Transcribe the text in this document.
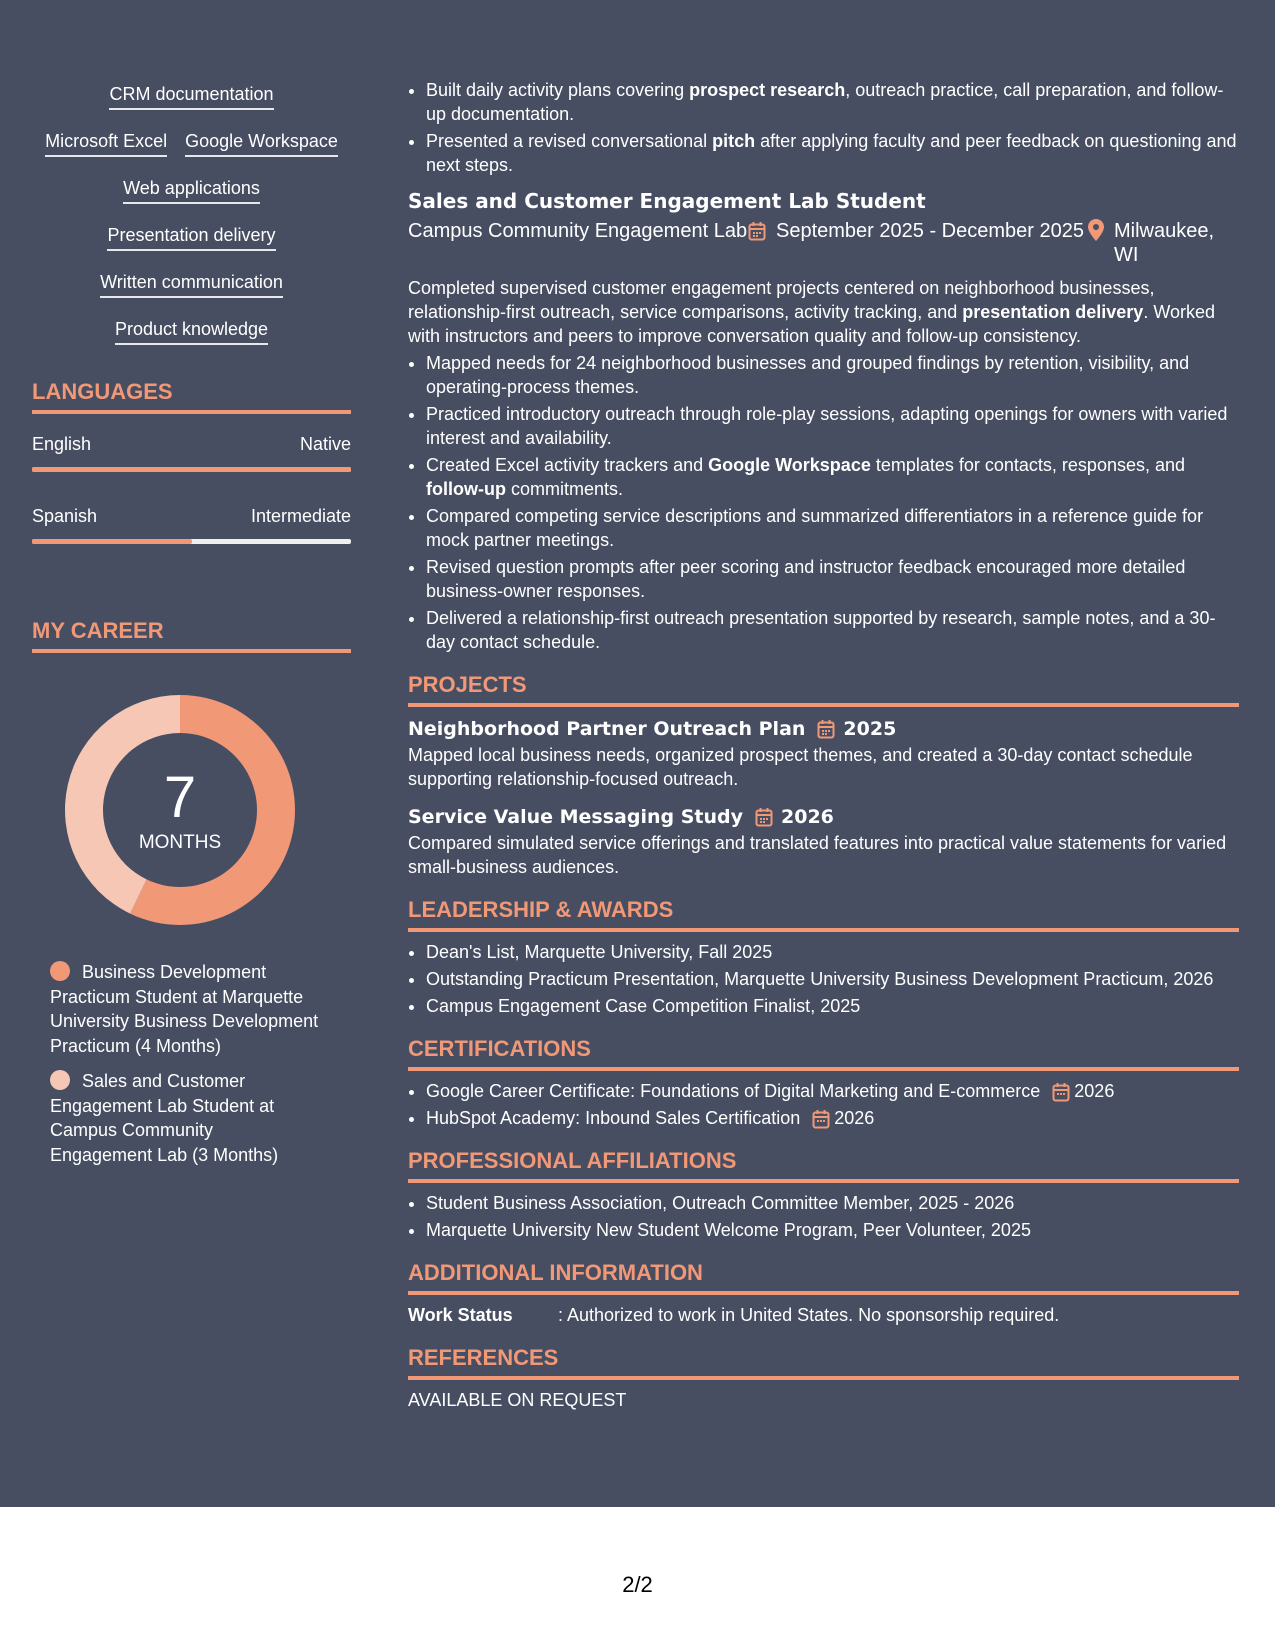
CRM documentation
Microsoft Excel Google Workspace
Web applications
Presentation delivery
Written communication
Product knowledge
LANGUAGES
English	Native
Spanish	Intermediate
MY CAREER
7
MONTHS
Business Development Practicum Student at Marquette University Business Development Practicum (4 Months)
Sales and Customer Engagement Lab Student at Campus Community Engagement Lab (3 Months)
• Built daily activity plans covering prospect research, outreach practice, call preparation, and follow-up documentation.
• Presented a revised conversational pitch after applying faculty and peer feedback on questioning and next steps.
Sales and Customer Engagement Lab Student
Campus Community Engagement Lab September 2025 - December 2025 Milwaukee, WI
Completed supervised customer engagement projects centered on neighborhood businesses, relationship-first outreach, service comparisons, activity tracking, and presentation delivery. Worked with instructors and peers to improve conversation quality and follow-up consistency.
• Mapped needs for 24 neighborhood businesses and grouped findings by retention, visibility, and operating-process themes.
• Practiced introductory outreach through role-play sessions, adapting openings for owners with varied interest and availability.
• Created Excel activity trackers and Google Workspace templates for contacts, responses, and follow-up commitments.
• Compared competing service descriptions and summarized differentiators in a reference guide for mock partner meetings.
• Revised question prompts after peer scoring and instructor feedback encouraged more detailed business-owner responses.
• Delivered a relationship-first outreach presentation supported by research, sample notes, and a 30-day contact schedule.
PROJECTS
Neighborhood Partner Outreach Plan 2025
Mapped local business needs, organized prospect themes, and created a 30-day contact schedule supporting relationship-focused outreach.
Service Value Messaging Study 2026
Compared simulated service offerings and translated features into practical value statements for varied small-business audiences.
LEADERSHIP & AWARDS
• Dean's List, Marquette University, Fall 2025
• Outstanding Practicum Presentation, Marquette University Business Development Practicum, 2026
• Campus Engagement Case Competition Finalist, 2025
CERTIFICATIONS
• Google Career Certificate: Foundations of Digital Marketing and E-commerce 2026
• HubSpot Academy: Inbound Sales Certification 2026
PROFESSIONAL AFFILIATIONS
• Student Business Association, Outreach Committee Member, 2025 - 2026
• Marquette University New Student Welcome Program, Peer Volunteer, 2025
ADDITIONAL INFORMATION
Work Status	: Authorized to work in United States. No sponsorship required.
REFERENCES
AVAILABLE ON REQUEST
2/2
